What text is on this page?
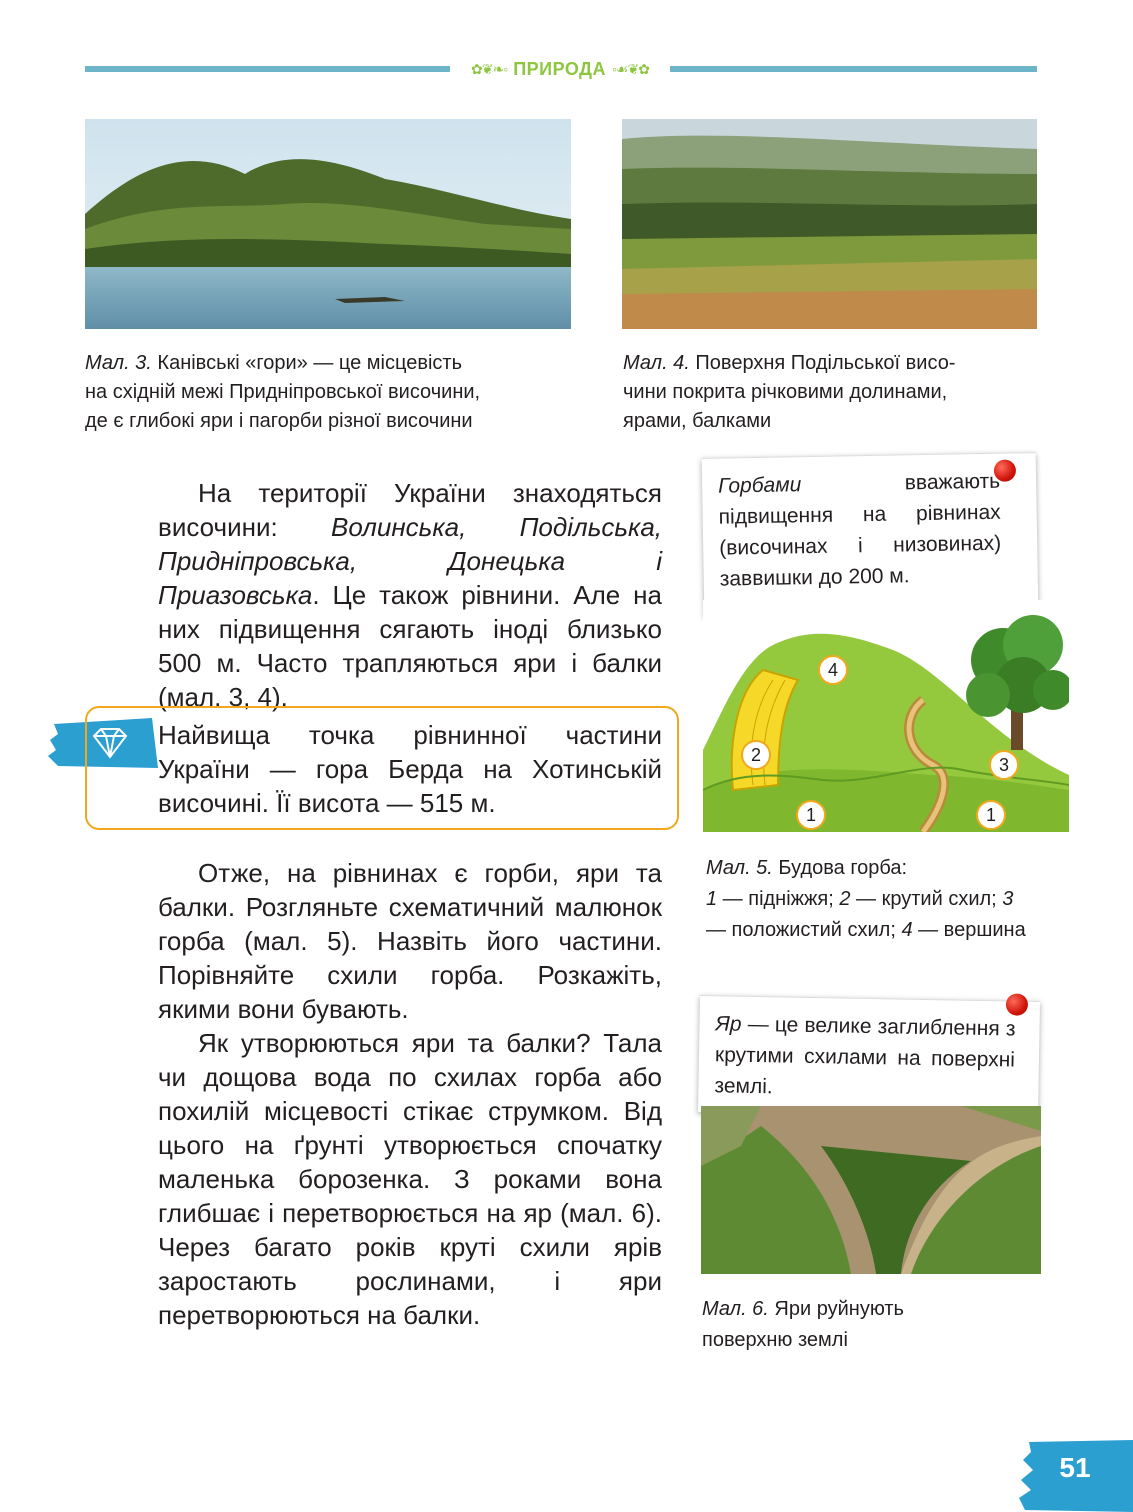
✿❦❧◦ ПРИРОДА ◦☙❦✿
Мал. 3. Канівські «гори» — це місцевість
на східній межі Придніпровської височини,
де є глибокі яри і пагорби різної височини
Мал. 4. Поверхня Подільської висо-
чини покрита річковими долинами,
ярами, балками

На території України знаходяться височини: Волинська, Подільська, Придніпровська, Донецька і Приазовська. Це також рівнини. Але на них підвищення сягають іноді близько 500 м. Часто трапляються яри і балки (мал. 3, 4).

Найвища точка рівнинної частини України — гора Берда на Хотинській височині. Її висота — 515 м.

Отже, на рівнинах є горби, яри та балки. Розгляньте схематичний малюнок горба (мал. 5). Назвіть його частини. Порівняйте схили горба. Розкажіть, якими вони бувають.

Як утворюються яри та балки? Тала чи дощова вода по схилах горба або похилій місцевості стікає струмком. Від цього на ґрунті утворюється спочатку маленька борозенка. З роками вона глибшає і перетворюється на яр (мал. 6). Через багато років круті схили ярів заростають рослинами, і яри перетворюються на балки.

Горбами вважають підвищення на рівнинах (височинах і низовинах) заввишки до 200 м.
4
2	3
1	1
Мал. 5. Будова горба:
1 — підніжжя; 2 — крутий схил; 3 — положистий схил; 4 — вершина
Яр — це велике заглиблення з крутими схилами на поверхні землі.
Мал. 6. Яри руйнують
поверхню землі
51
